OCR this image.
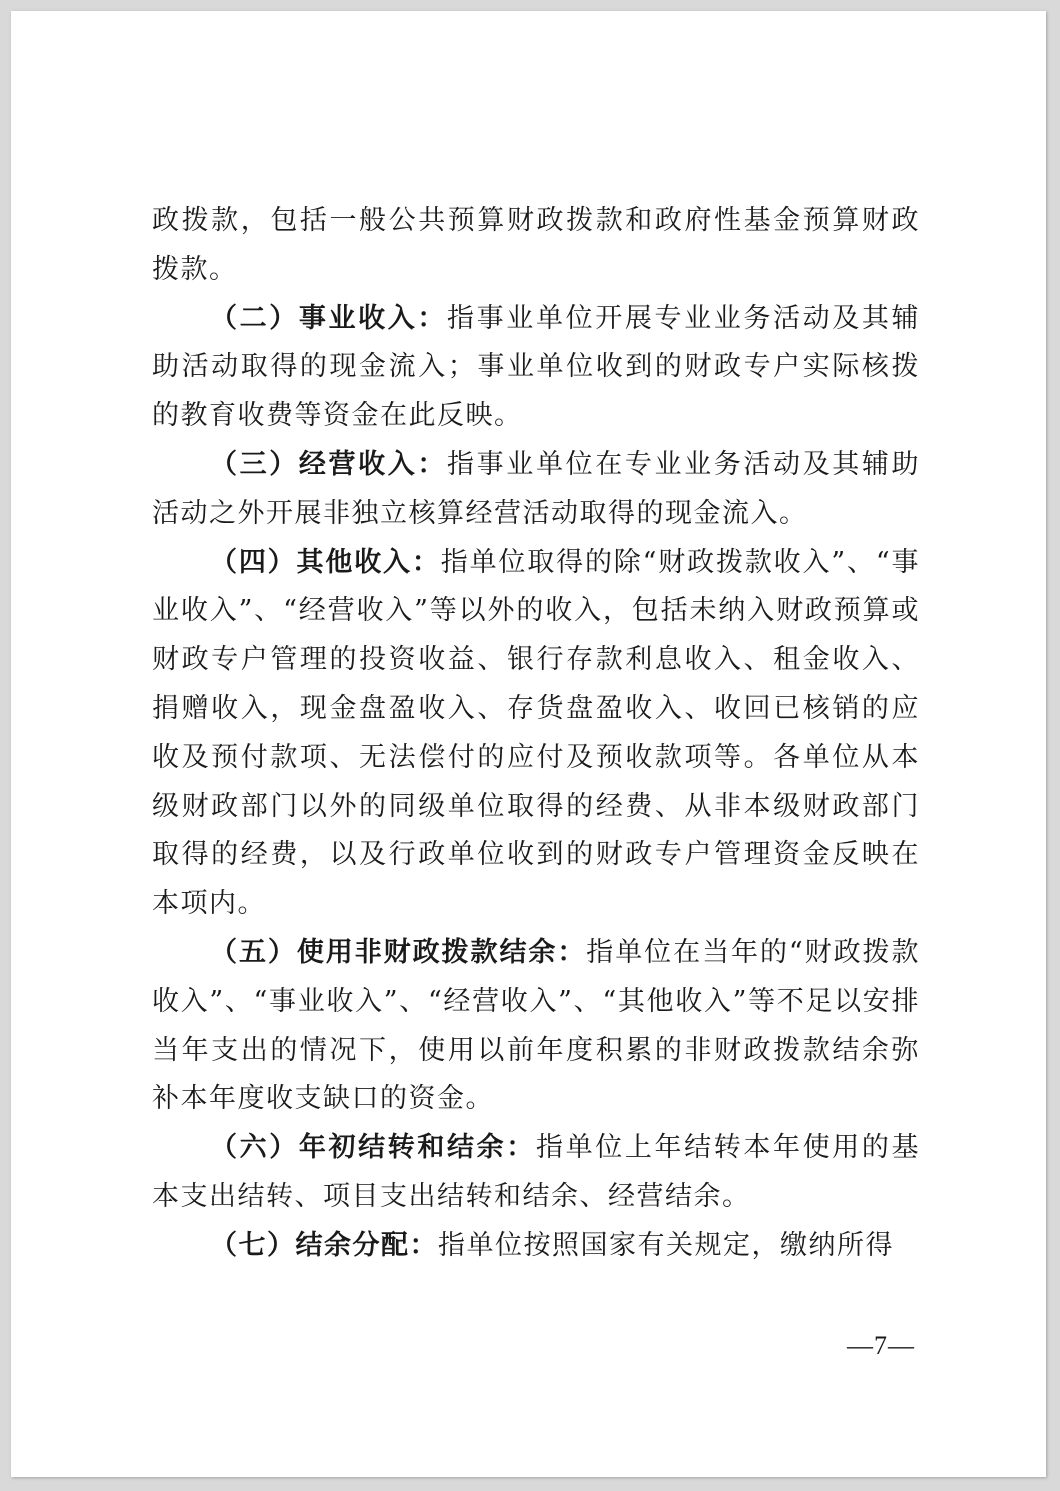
政拨款，包括一般公共预算财政拨款和政府性基金预算财政拨款。

（二）事业收入：指事业单位开展专业业务活动及其辅助活动取得的现金流入；事业单位收到的财政专户实际核拨的教育收费等资金在此反映。

（三）经营收入：指事业单位在专业业务活动及其辅助活动之外开展非独立核算经营活动取得的现金流入。

（四）其他收入：指单位取得的除“财政拨款收入”、“事业收入”、“经营收入”等以外的收入，包括未纳入财政预算或财政专户管理的投资收益、银行存款利息收入、租金收入、捐赠收入，现金盘盈收入、存货盘盈收入、收回已核销的应收及预付款项、无法偿付的应付及预收款项等。各单位从本级财政部门以外的同级单位取得的经费、从非本级财政部门取得的经费，以及行政单位收到的财政专户管理资金反映在本项内。

（五）使用非财政拨款结余：指单位在当年的“财政拨款收入”、“事业收入”、“经营收入”、“其他收入”等不足以安排当年支出的情况下，使用以前年度积累的非财政拨款结余弥补本年度收支缺口的资金。

（六）年初结转和结余：指单位上年结转本年使用的基本支出结转、项目支出结转和结余、经营结余。

（七）结余分配：指单位按照国家有关规定，缴纳所得

—7—
